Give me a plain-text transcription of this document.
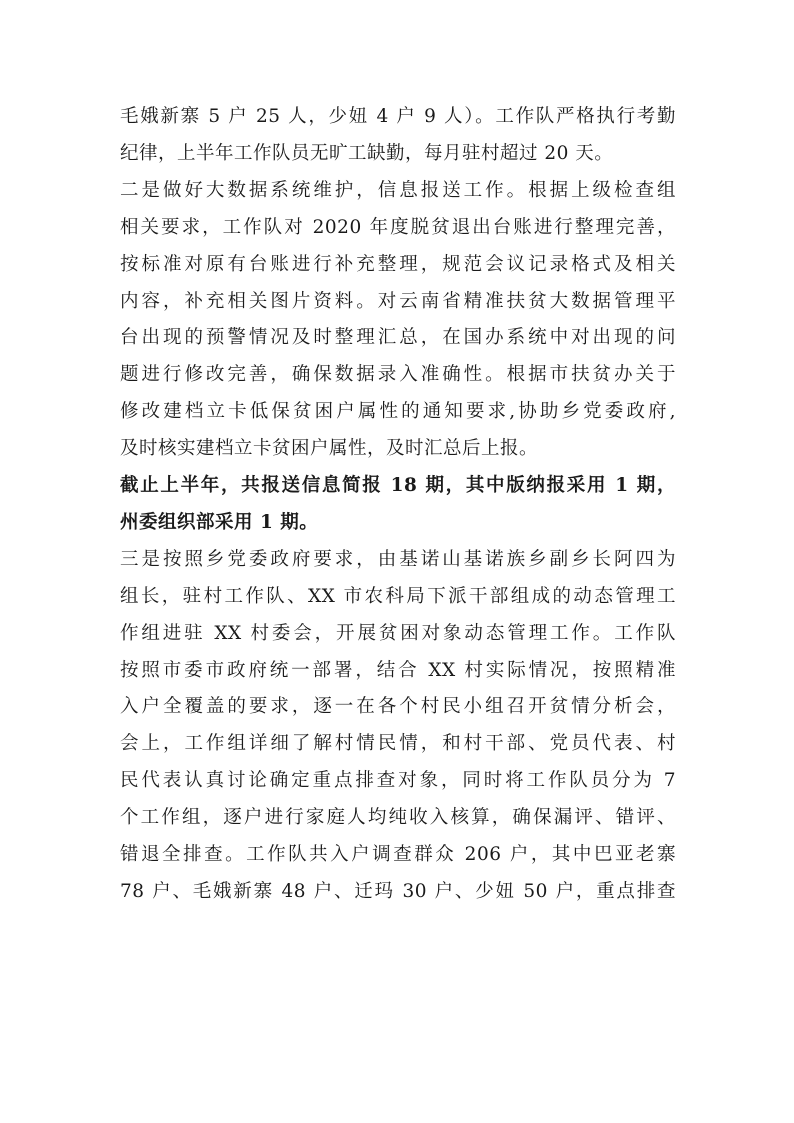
毛娥新寨 5 户 25 人，少妞 4 户 9 人）。工作队严格执行考勤
纪律，上半年工作队员无旷工缺勤，每月驻村超过 20 天。
二是做好大数据系统维护，信息报送工作。根据上级检查组
相关要求，工作队对 2020 年度脱贫退出台账进行整理完善，
按标准对原有台账进行补充整理，规范会议记录格式及相关
内容，补充相关图片资料。对云南省精准扶贫大数据管理平
台出现的预警情况及时整理汇总，在国办系统中对出现的问
题进行修改完善，确保数据录入准确性。根据市扶贫办关于
修改建档立卡低保贫困户属性的通知要求,协助乡党委政府,
及时核实建档立卡贫困户属性，及时汇总后上报。
截止上半年，共报送信息简报 18 期，其中版纳报采用 1 期，
州委组织部采用 1 期。
三是按照乡党委政府要求，由基诺山基诺族乡副乡长阿四为
组长，驻村工作队、XX 市农科局下派干部组成的动态管理工
作组进驻 XX 村委会，开展贫困对象动态管理工作。工作队
按照市委市政府统一部署，结合 XX 村实际情况，按照精准
入户全覆盖的要求，逐一在各个村民小组召开贫情分析会，
会上，工作组详细了解村情民情，和村干部、党员代表、村
民代表认真讨论确定重点排查对象，同时将工作队员分为 7
个工作组，逐户进行家庭人均纯收入核算，确保漏评、错评、
错退全排查。工作队共入户调查群众 206 户，其中巴亚老寨
78 户、毛娥新寨 48 户、迁玛 30 户、少妞 50 户，重点排查
